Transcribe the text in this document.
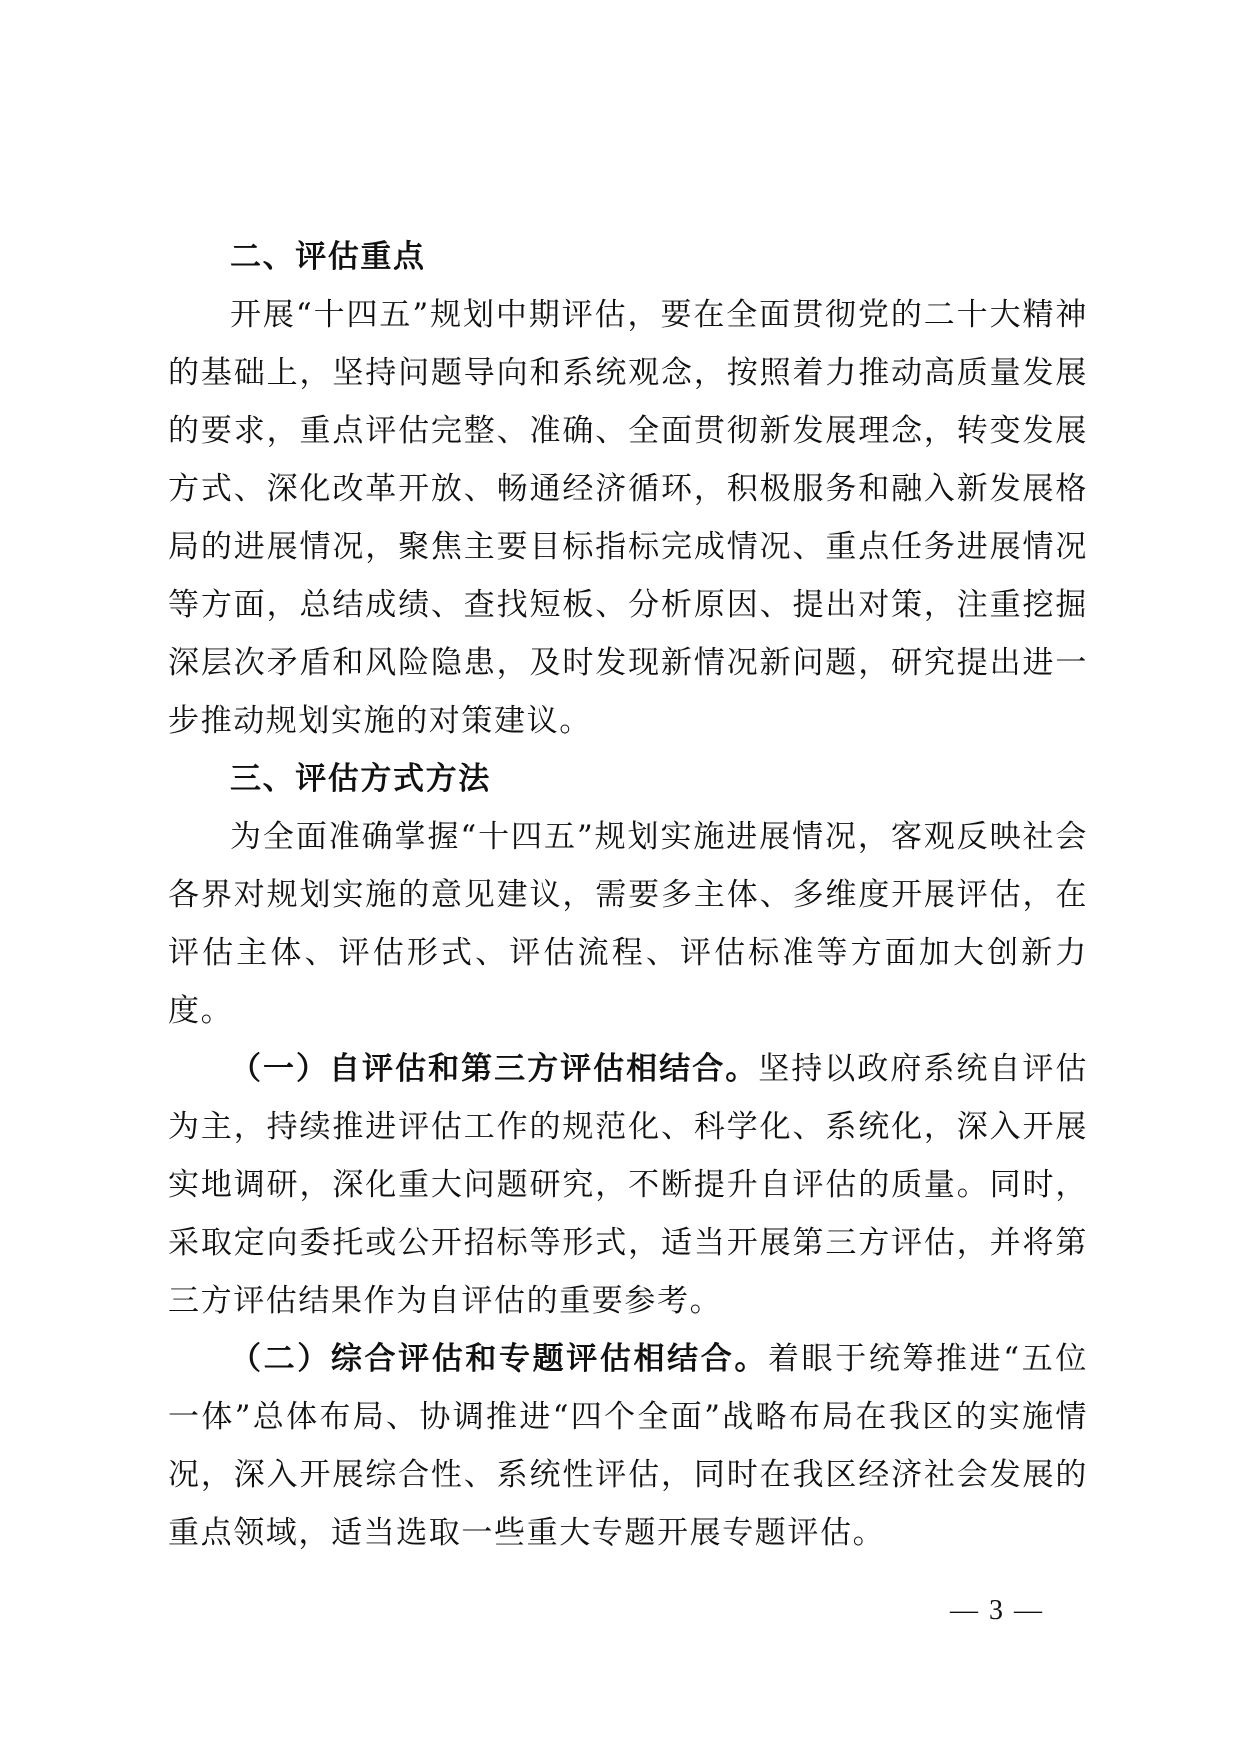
二、评估重点

开展“十四五”规划中期评估，要在全面贯彻党的二十大精神的基础上，坚持问题导向和系统观念，按照着力推动高质量发展的要求，重点评估完整、准确、全面贯彻新发展理念，转变发展方式、深化改革开放、畅通经济循环，积极服务和融入新发展格局的进展情况，聚焦主要目标指标完成情况、重点任务进展情况等方面，总结成绩、查找短板、分析原因、提出对策，注重挖掘深层次矛盾和风险隐患，及时发现新情况新问题，研究提出进一步推动规划实施的对策建议。

三、评估方式方法

为全面准确掌握“十四五”规划实施进展情况，客观反映社会各界对规划实施的意见建议，需要多主体、多维度开展评估，在评估主体、评估形式、评估流程、评估标准等方面加大创新力度。

（一）自评估和第三方评估相结合。坚持以政府系统自评估为主，持续推进评估工作的规范化、科学化、系统化，深入开展实地调研，深化重大问题研究，不断提升自评估的质量。同时，采取定向委托或公开招标等形式，适当开展第三方评估，并将第三方评估结果作为自评估的重要参考。

（二）综合评估和专题评估相结合。着眼于统筹推进“五位一体”总体布局、协调推进“四个全面”战略布局在我区的实施情况，深入开展综合性、系统性评估，同时在我区经济社会发展的重点领域，适当选取一些重大专题开展专题评估。

— 3 —
